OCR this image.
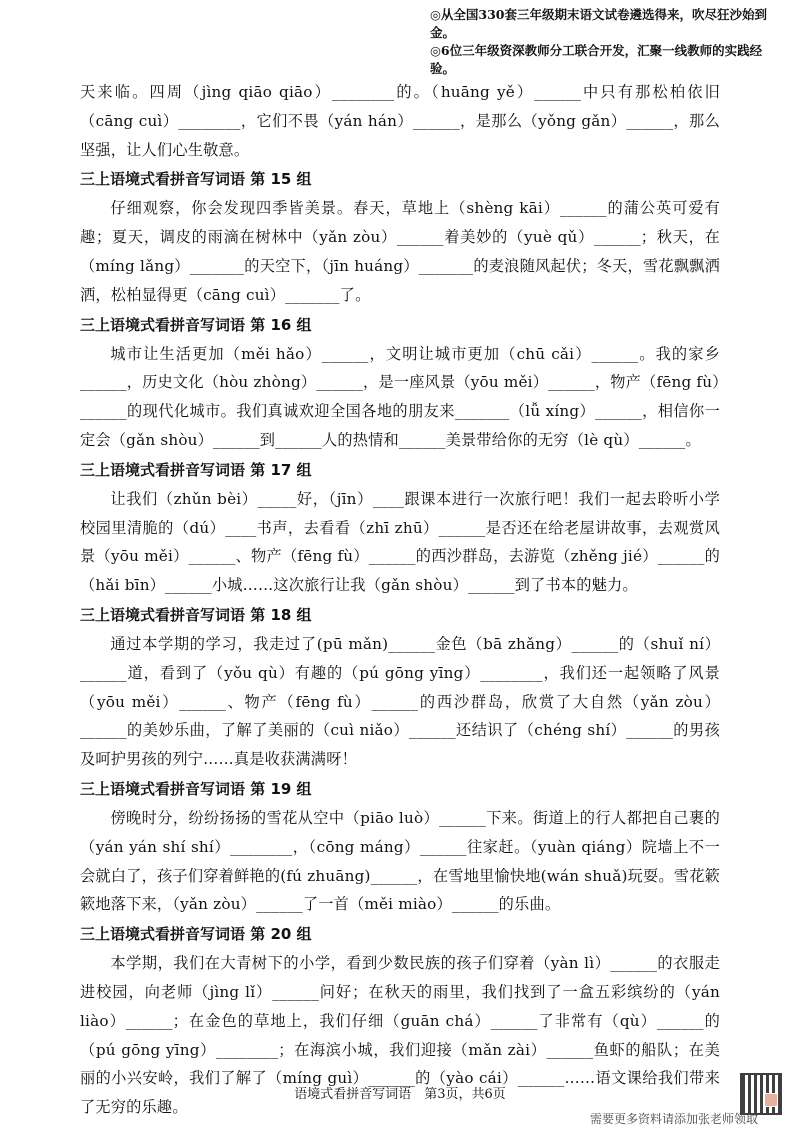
◎从全国330套三年级期末语文试卷遴选得来，吹尽狂沙始到金。
◎6位三年级资深教师分工联合开发，汇聚一线教师的实践经验。

天来临。四周（jìng qiāo qiāo）________的。（huāng yě）______中只有那松柏依旧（cāng cuì）________，它们不畏（yán hán）______，是那么（yǒng gǎn）______，那么坚强，让人们心生敬意。

三上语境式看拼音写词语 第 15 组

仔细观察，你会发现四季皆美景。春天，草地上（shèng kāi）______的蒲公英可爱有趣；夏天，调皮的雨滴在树林中（yǎn zòu）______着美妙的（yuè qǔ）______；秋天，在（míng lǎng）_______的天空下，（jīn huáng）_______的麦浪随风起伏；冬天，雪花飘飘洒洒，松柏显得更（cāng cuì）_______了。

三上语境式看拼音写词语 第 16 组

城市让生活更加（měi hǎo）______，文明让城市更加（chū cǎi）______。我的家乡______，历史文化（hòu zhòng）______，是一座风景（yōu měi）______，物产（fēng fù）______的现代化城市。我们真诚欢迎全国各地的朋友来_______（lǚ xíng）______，相信你一定会（gǎn shòu）______到______人的热情和______美景带给你的无穷（lè qù）______。

三上语境式看拼音写词语 第 17 组

让我们（zhǔn bèi）_____好，（jīn）____跟课本进行一次旅行吧！我们一起去聆听小学校园里清脆的（dú）____书声，去看看（zhī zhū）______是否还在给老屋讲故事，去观赏风景（yōu měi）______、物产（fēng fù）______的西沙群岛，去游览（zhěng jié）______的（hǎi bīn）______小城……这次旅行让我（gǎn shòu）______到了书本的魅力。

三上语境式看拼音写词语 第 18 组

通过本学期的学习，我走过了(pū mǎn)______金色（bā zhǎng）______的（shuǐ ní）______道，看到了（yǒu qù）有趣的（pú gōng yīng）________，我们还一起领略了风景（yōu měi）______、物产（fēng fù）______的西沙群岛，欣赏了大自然（yǎn zòu）______的美妙乐曲，了解了美丽的（cuì niǎo）______还结识了（chéng shí）______的男孩及呵护男孩的列宁……真是收获满满呀！

三上语境式看拼音写词语 第 19 组

傍晚时分，纷纷扬扬的雪花从空中（piāo luò）______下来。街道上的行人都把自己裹的（yán yán shí shí）________，（cōng máng）______往家赶。（yuàn qiáng）院墙上不一会就白了，孩子们穿着鲜艳的(fú zhuāng)______，在雪地里愉快地(wán shuǎ)玩耍。雪花簌簌地落下来，（yǎn zòu）______了一首（měi miào）______的乐曲。

三上语境式看拼音写词语 第 20 组

本学期，我们在大青树下的小学，看到少数民族的孩子们穿着（yàn lì）______的衣服走进校园，向老师（jìng lǐ）______问好；在秋天的雨里，我们找到了一盒五彩缤纷的（yán liào）______；在金色的草地上，我们仔细（guān chá）______了非常有（qù）______的（pú gōng yīng）________；在海滨小城，我们迎接（mǎn zài）______鱼虾的船队；在美丽的小兴安岭，我们了解了（míng guì）______的（yào cái）______……语文课给我们带来了无穷的乐趣。

语境式看拼音写词语　第3页，共6页
需要更多资料请添加张老师领取
